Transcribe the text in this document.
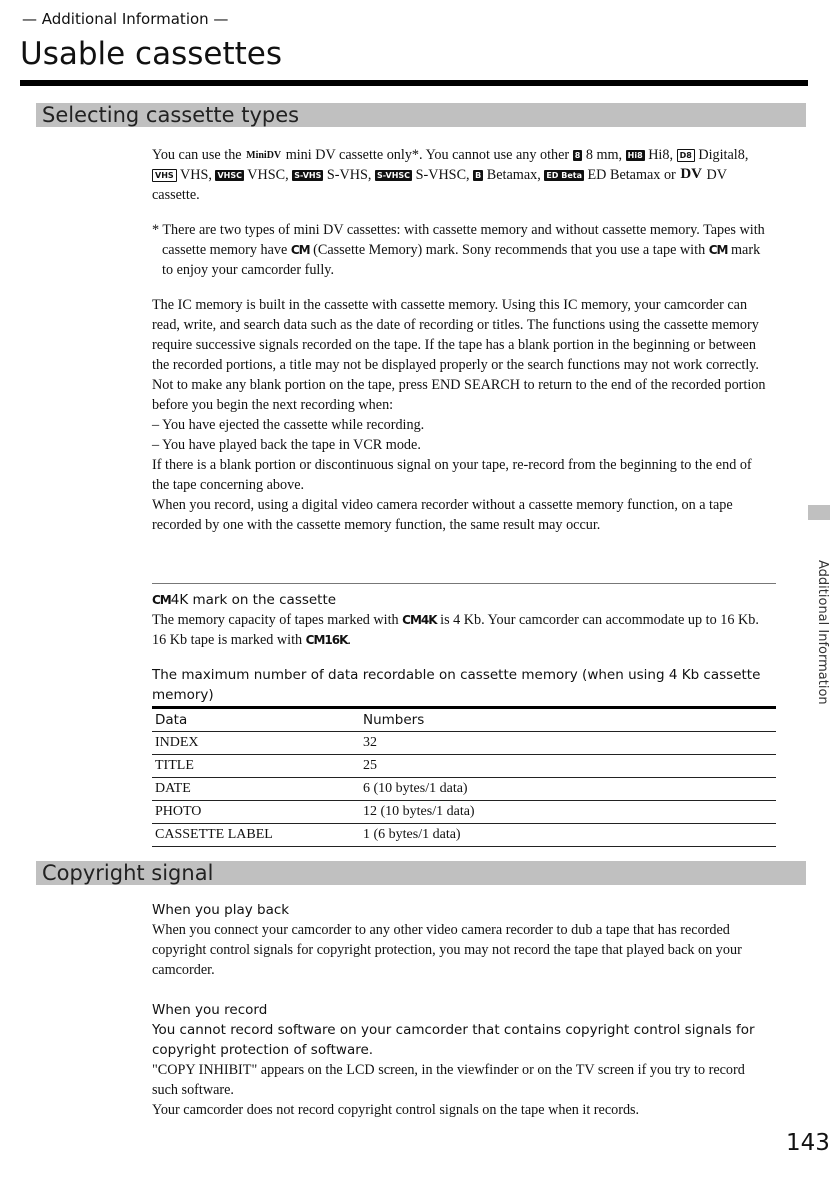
— Additional Information —
Usable cassettes
Selecting cassette types
You can use the MiniDV mini DV cassette only*. You cannot use any other 8 8 mm, Hi8 Hi8, D8 Digital8, VHS VHS, VHSC VHSC, S-VHS S-VHS, S-VHSC S-VHSC, B Betamax, ED Beta ED Betamax or DV DV cassette.
* There are two types of mini DV cassettes: with cassette memory and without cassette memory. Tapes with cassette memory have CM (Cassette Memory) mark. Sony recommends that you use a tape with CM mark to enjoy your camcorder fully.
The IC memory is built in the cassette with cassette memory. Using this IC memory, your camcorder can read, write, and search data such as the date of recording or titles. The functions using the cassette memory require successive signals recorded on the tape. If the tape has a blank portion in the beginning or between the recorded portions, a title may not be displayed properly or the search functions may not work correctly. Not to make any blank portion on the tape, press END SEARCH to return to the end of the recorded portion before you begin the next recording when:
– You have ejected the cassette while recording.
– You have played back the tape in VCR mode.
If there is a blank portion or discontinuous signal on your tape, re-record from the beginning to the end of the tape concerning above.
When you record, using a digital video camera recorder without a cassette memory function, on a tape recorded by one with the cassette memory function, the same result may occur.
CM4K mark on the cassette
The memory capacity of tapes marked with CM4K is 4 Kb. Your camcorder can accommodate up to 16 Kb. 16 Kb tape is marked with CM16K.
The maximum number of data recordable on cassette memory (when using 4 Kb cassette memory)
Data	Numbers
INDEX	32
TITLE	25
DATE	6 (10 bytes/1 data)
PHOTO	12 (10 bytes/1 data)
CASSETTE LABEL	1 (6 bytes/1 data)
Copyright signal
When you play back
When you connect your camcorder to any other video camera recorder to dub a tape that has recorded copyright control signals for copyright protection, you may not record the tape that played back on your camcorder.
When you record
You cannot record software on your camcorder that contains copyright control signals for copyright protection of software.
"COPY INHIBIT" appears on the LCD screen, in the viewfinder or on the TV screen if you try to record such software.
Your camcorder does not record copyright control signals on the tape when it records.
Additional Information
143
